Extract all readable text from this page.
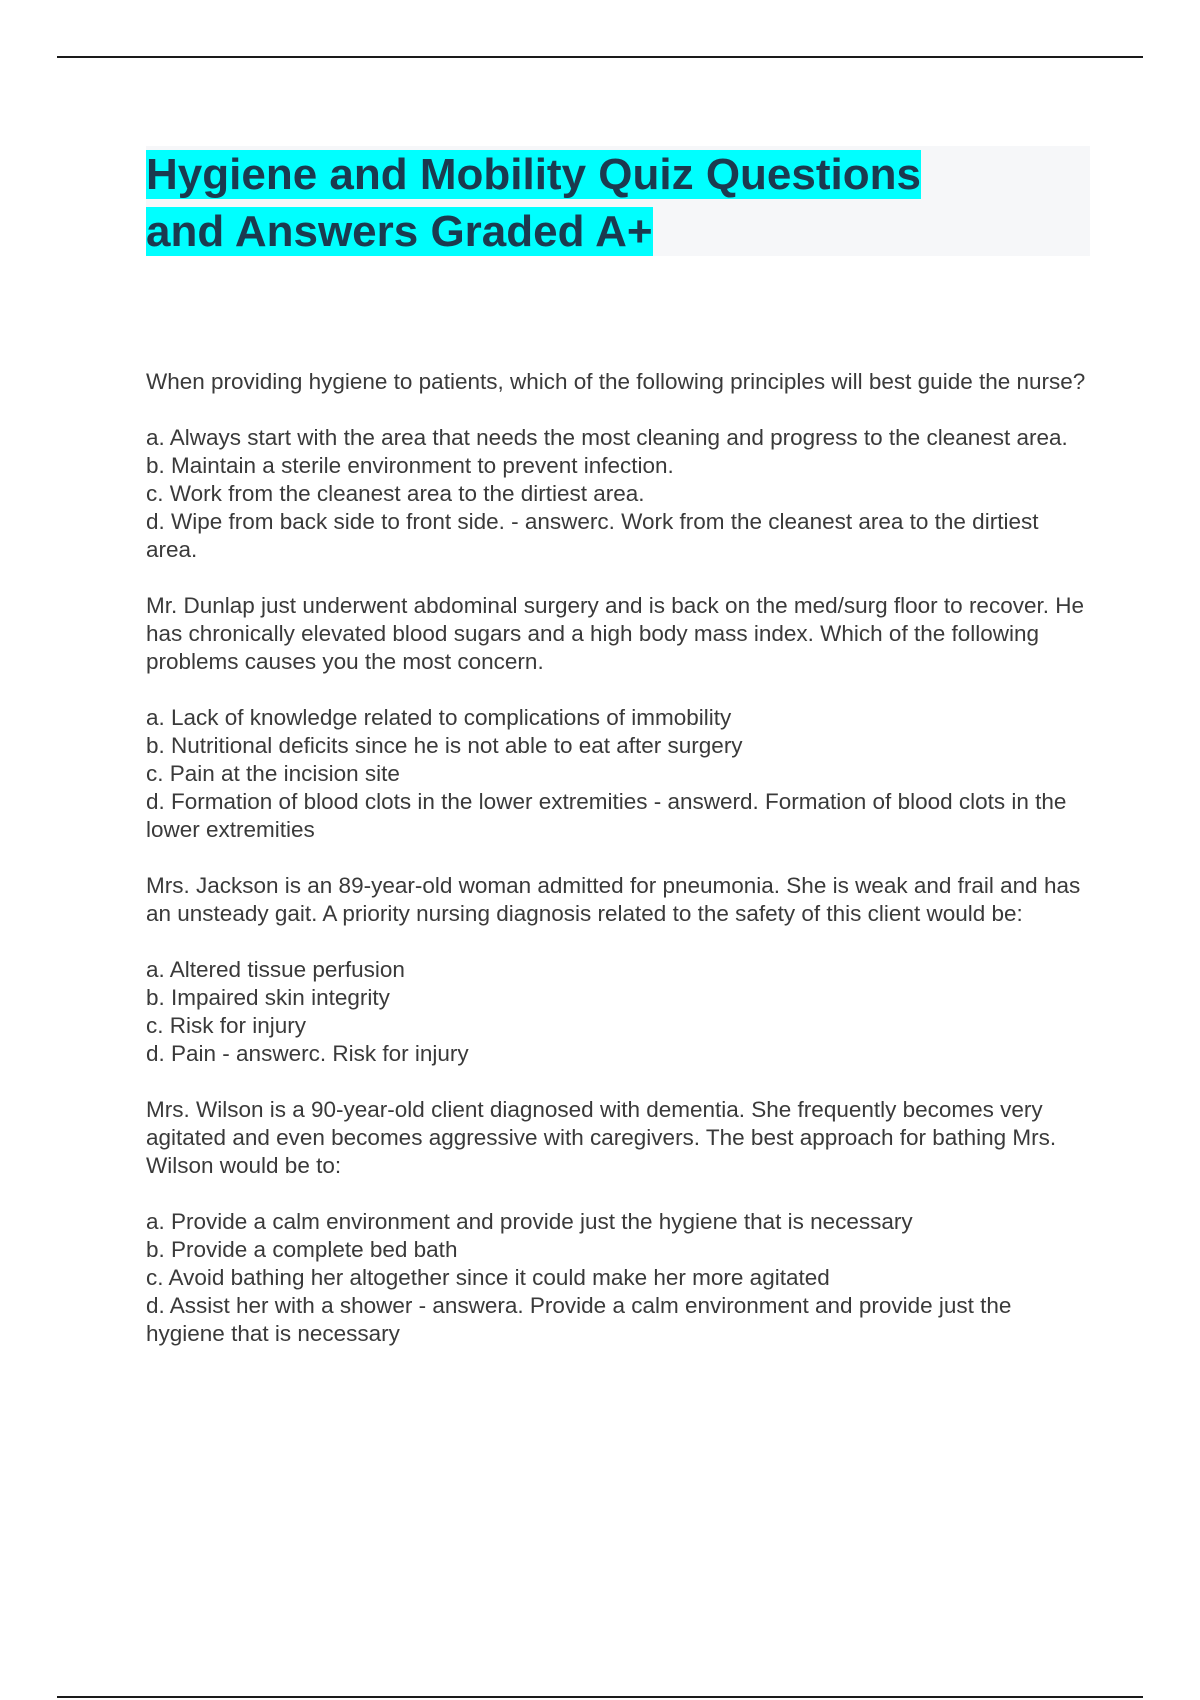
Hygiene and Mobility Quiz Questions and Answers Graded A+

When providing hygiene to patients, which of the following principles will best guide the nurse?

a. Always start with the area that needs the most cleaning and progress to the cleanest area.

b. Maintain a sterile environment to prevent infection.

c. Work from the cleanest area to the dirtiest area.

d. Wipe from back side to front side. - answerc. Work from the cleanest area to the dirtiest area.

Mr. Dunlap just underwent abdominal surgery and is back on the med/surg floor to recover. He has chronically elevated blood sugars and a high body mass index. Which of the following problems causes you the most concern.

a. Lack of knowledge related to complications of immobility

b. Nutritional deficits since he is not able to eat after surgery

c. Pain at the incision site

d. Formation of blood clots in the lower extremities - answerd. Formation of blood clots in the lower extremities

Mrs. Jackson is an 89-year-old woman admitted for pneumonia. She is weak and frail and has an unsteady gait. A priority nursing diagnosis related to the safety of this client would be:

a. Altered tissue perfusion

b. Impaired skin integrity

c. Risk for injury

d. Pain - answerc. Risk for injury

Mrs. Wilson is a 90-year-old client diagnosed with dementia. She frequently becomes very agitated and even becomes aggressive with caregivers. The best approach for bathing Mrs. Wilson would be to:

a. Provide a calm environment and provide just the hygiene that is necessary

b. Provide a complete bed bath

c. Avoid bathing her altogether since it could make her more agitated

d. Assist her with a shower - answera. Provide a calm environment and provide just the hygiene that is necessary
